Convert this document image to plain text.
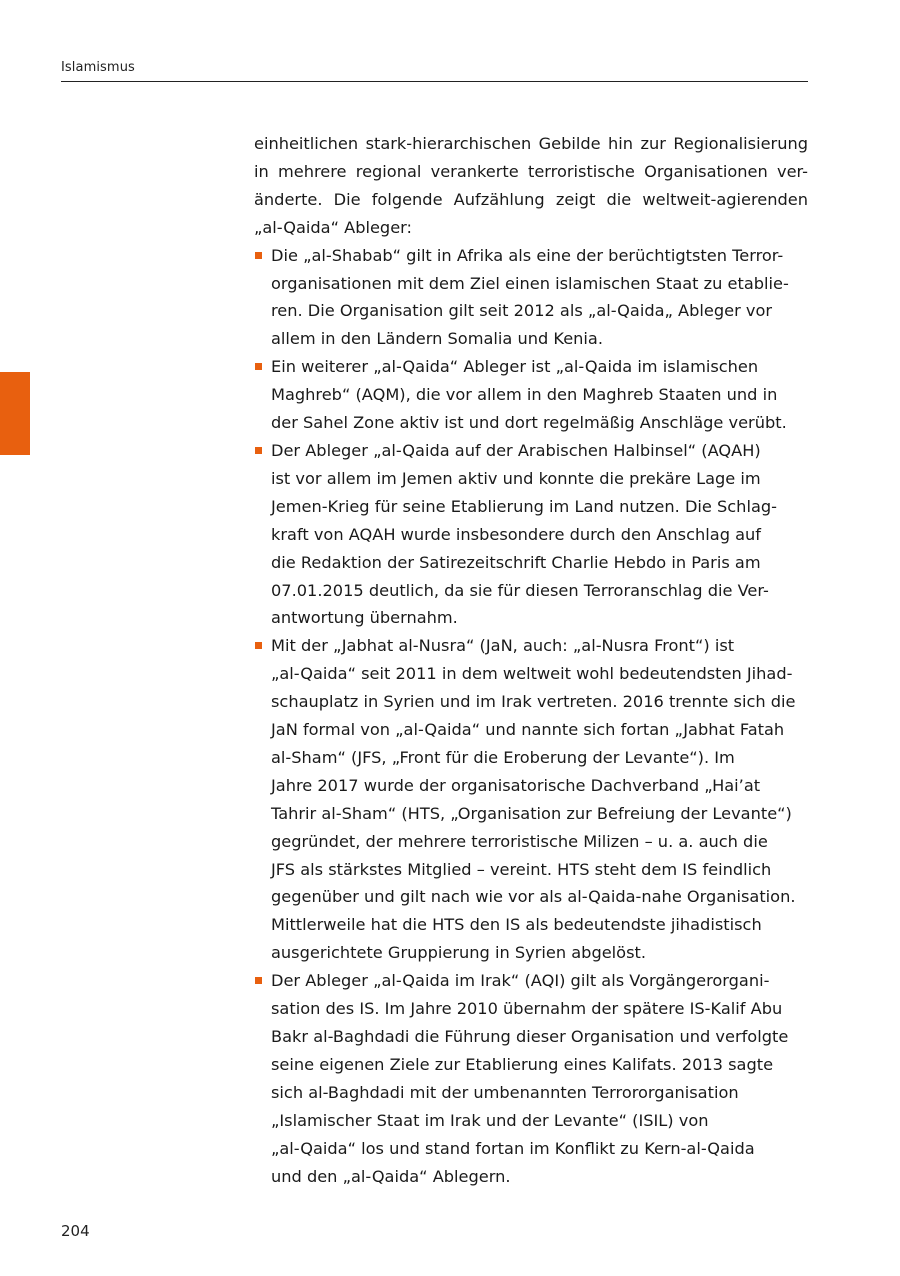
Islamismus

einheitlichen stark-hierarchischen Gebilde hin zur Regionalisierung
in mehrere regional verankerte terroristische Organisationen ver-
änderte. Die folgende Aufzählung zeigt die weltweit-agierenden
„al-Qaida“ Ableger:

Die „al-Shabab“ gilt in Afrika als eine der berüchtigtsten Terror-
organisationen mit dem Ziel einen islamischen Staat zu etablie-
ren. Die Organisation gilt seit 2012 als „al-Qaida„ Ableger vor
allem in den Ländern Somalia und Kenia.
Ein weiterer „al-Qaida“ Ableger ist „al-Qaida im islamischen
Maghreb“ (AQM), die vor allem in den Maghreb Staaten und in
der Sahel Zone aktiv ist und dort regelmäßig Anschläge verübt.
Der Ableger „al-Qaida auf der Arabischen Halbinsel“ (AQAH)
ist vor allem im Jemen aktiv und konnte die prekäre Lage im
Jemen-Krieg für seine Etablierung im Land nutzen. Die Schlag-
kraft von AQAH wurde insbesondere durch den Anschlag auf
die Redaktion der Satirezeitschrift Charlie Hebdo in Paris am
07.01.2015 deutlich, da sie für diesen Terroranschlag die Ver-
antwortung übernahm.
Mit der „Jabhat al-Nusra“ (JaN, auch: „al-Nusra Front“) ist
„al-Qaida“ seit 2011 in dem weltweit wohl bedeutendsten Jihad-
schauplatz in Syrien und im Irak vertreten. 2016 trennte sich die
JaN formal von „al-Qaida“ und nannte sich fortan „Jabhat Fatah
al-Sham“ (JFS, „Front für die Eroberung der Levante“). Im
Jahre 2017 wurde der organisatorische Dachverband „Hai’at
Tahrir al-Sham“ (HTS, „Organisation zur Befreiung der Levante“)
gegründet, der mehrere terroristische Milizen – u. a. auch die
JFS als stärkstes Mitglied – vereint. HTS steht dem IS feindlich
gegenüber und gilt nach wie vor als al-Qaida-nahe Organisation.
Mittlerweile hat die HTS den IS als bedeutendste jihadistisch
ausgerichtete Gruppierung in Syrien abgelöst.
Der Ableger „al-Qaida im Irak“ (AQI) gilt als Vorgängerorgani-
sation des IS. Im Jahre 2010 übernahm der spätere IS-Kalif Abu
Bakr al-Baghdadi die Führung dieser Organisation und verfolgte
seine eigenen Ziele zur Etablierung eines Kalifats. 2013 sagte
sich al-Baghdadi mit der umbenannten Terrororganisation
„Islamischer Staat im Irak und der Levante“ (ISIL) von
„al-Qaida“ los und stand fortan im Konflikt zu Kern-al-Qaida
und den „al-Qaida“ Ablegern.
204
